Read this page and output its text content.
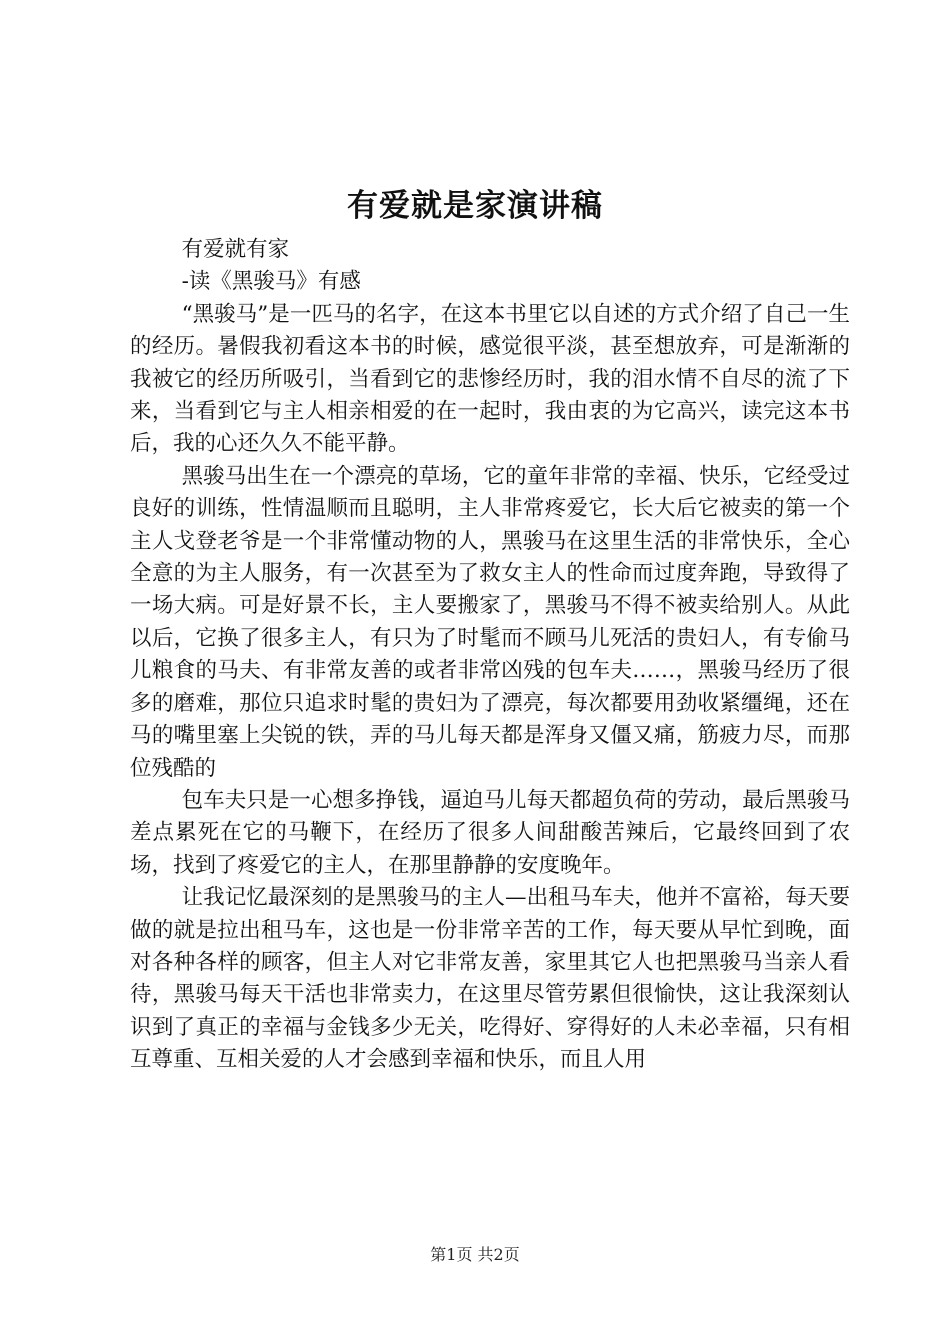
有爱就是家演讲稿

有爱就有家

-读《黑骏马》有感

“黑骏马”是一匹马的名字，在这本书里它以自述的方式介绍了自己一生的经历。暑假我初看这本书的时候，感觉很平淡，甚至想放弃，可是渐渐的我被它的经历所吸引，当看到它的悲惨经历时，我的泪水情不自尽的流了下来，当看到它与主人相亲相爱的在一起时，我由衷的为它高兴，读完这本书后，我的心还久久不能平静。

黑骏马出生在一个漂亮的草场，它的童年非常的幸福、快乐，它经受过良好的训练，性情温顺而且聪明，主人非常疼爱它，长大后它被卖的第一个主人戈登老爷是一个非常懂动物的人，黑骏马在这里生活的非常快乐，全心全意的为主人服务，有一次甚至为了救女主人的性命而过度奔跑，导致得了一场大病。可是好景不长，主人要搬家了，黑骏马不得不被卖给别人。从此以后，它换了很多主人，有只为了时髦而不顾马儿死活的贵妇人，有专偷马儿粮食的马夫、有非常友善的或者非常凶残的包车夫……，黑骏马经历了很多的磨难，那位只追求时髦的贵妇为了漂亮，每次都要用劲收紧缰绳，还在马的嘴里塞上尖锐的铁，弄的马儿每天都是浑身又僵又痛，筋疲力尽，而那位残酷的

包车夫只是一心想多挣钱，逼迫马儿每天都超负荷的劳动，最后黑骏马差点累死在它的马鞭下，在经历了很多人间甜酸苦辣后，它最终回到了农场，找到了疼爱它的主人，在那里静静的安度晚年。

让我记忆最深刻的是黑骏马的主人—出租马车夫，他并不富裕，每天要做的就是拉出租马车，这也是一份非常辛苦的工作，每天要从早忙到晚，面对各种各样的顾客，但主人对它非常友善，家里其它人也把黑骏马当亲人看待，黑骏马每天干活也非常卖力，在这里尽管劳累但很愉快，这让我深刻认识到了真正的幸福与金钱多少无关，吃得好、穿得好的人未必幸福，只有相互尊重、互相关爱的人才会感到幸福和快乐，而且人用

第1页 共2页
